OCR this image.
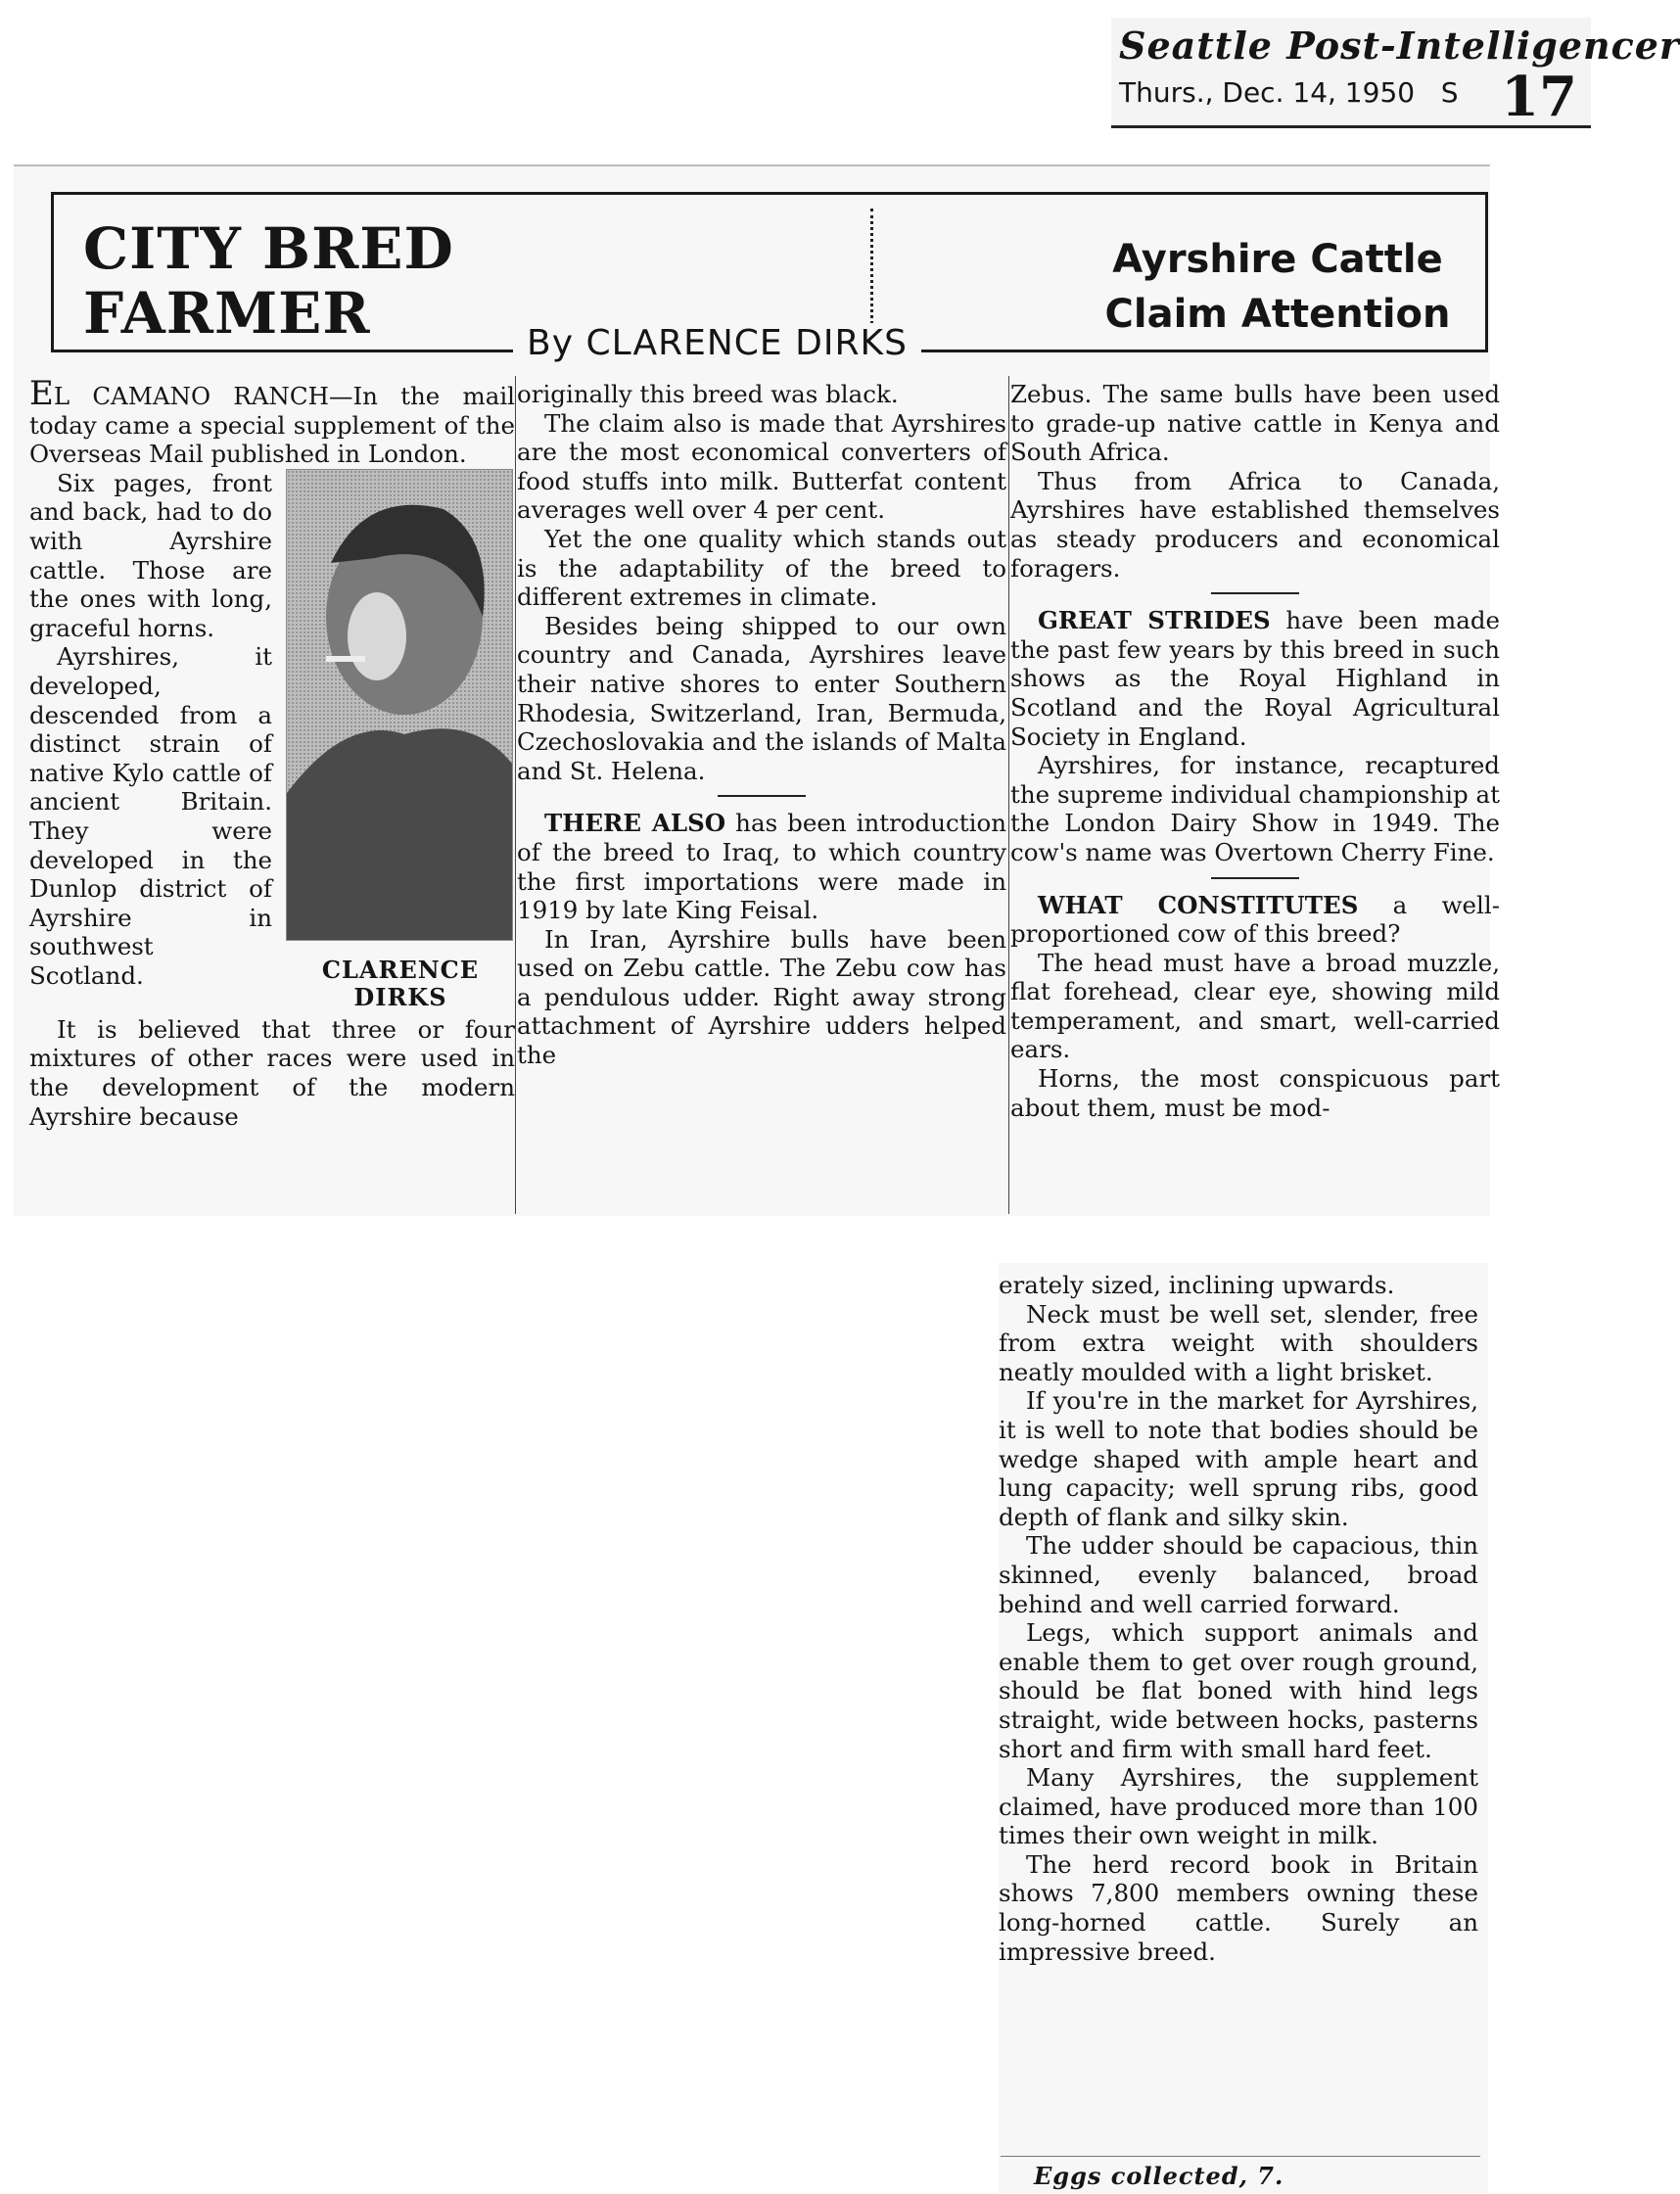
Seattle Post-Intelligencer
Thurs., Dec. 14, 1950 S 17
CITY BRED
FARMER
Ayrshire Cattle
Claim Attention
By CLARENCE DIRKS

EL CAMANO RANCH—In the mail today came a special supplement of the Overseas Mail published in London.

CLARENCE
DIRKS

Six pages, front and back, had to do with Ayrshire cattle. Those are the ones with long, graceful horns.

Ayrshires, it developed, descended from a distinct strain of native Kylo cattle of ancient Britain. They were developed in the Dunlop district of Ayrshire in southwest Scotland.

It is believed that three or four mixtures of other races were used in the development of the modern Ayrshire because

originally this breed was black.

The claim also is made that Ayrshires are the most economical converters of food stuffs into milk. Butterfat content averages well over 4 per cent.

Yet the one quality which stands out is the adaptability of the breed to different extremes in climate.

Besides being shipped to our own country and Canada, Ayrshires leave their native shores to enter Southern Rhodesia, Switzerland, Iran, Bermuda, Czechoslovakia and the islands of Malta and St. Helena.

THERE ALSO has been introduction of the breed to Iraq, to which country the first importations were made in 1919 by late King Feisal.

In Iran, Ayrshire bulls have been used on Zebu cattle. The Zebu cow has a pendulous udder. Right away strong attachment of Ayrshire udders helped the

Zebus. The same bulls have been used to grade-up native cattle in Kenya and South Africa.

Thus from Africa to Canada, Ayrshires have established themselves as steady producers and economical foragers.

GREAT STRIDES have been made the past few years by this breed in such shows as the Royal Highland in Scotland and the Royal Agricultural Society in England.

Ayrshires, for instance, recaptured the supreme individual championship at the London Dairy Show in 1949. The cow's name was Overtown Cherry Fine.

WHAT CONSTITUTES a well-proportioned cow of this breed?

The head must have a broad muzzle, flat forehead, clear eye, showing mild temperament, and smart, well-carried ears.

Horns, the most conspicuous part about them, must be mod-

erately sized, inclining upwards.

Neck must be well set, slender, free from extra weight with shoulders neatly moulded with a light brisket.

If you're in the market for Ayrshires, it is well to note that bodies should be wedge shaped with ample heart and lung capacity; well sprung ribs, good depth of flank and silky skin.

The udder should be capacious, thin skinned, evenly balanced, broad behind and well carried forward.

Legs, which support animals and enable them to get over rough ground, should be flat boned with hind legs straight, wide between hocks, pasterns short and firm with small hard feet.

Many Ayrshires, the supplement claimed, have produced more than 100 times their own weight in milk.

The herd record book in Britain shows 7,800 members owning these long-horned cattle. Surely an impressive breed.

Eggs collected, 7.
